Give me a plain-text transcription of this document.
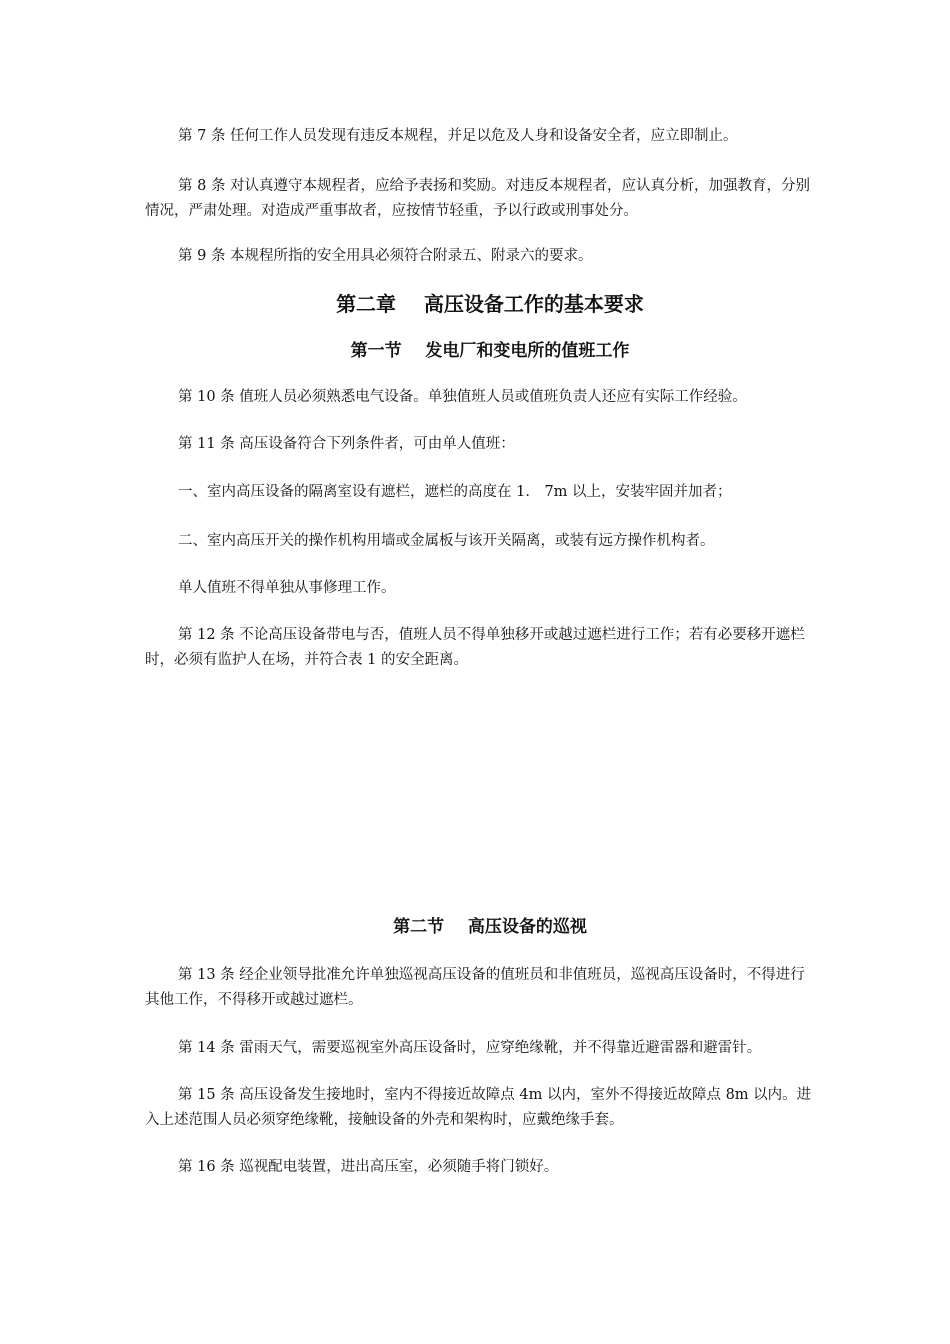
第 7 条 任何工作人员发现有违反本规程，并足以危及人身和设备安全者，应立即制止。

第 8 条 对认真遵守本规程者，应给予表扬和奖励。对违反本规程者，应认真分析，加强教育，分别情况，严肃处理。对造成严重事故者，应按情节轻重，予以行政或刑事处分。

第 9 条 本规程所指的安全用具必须符合附录五、附录六的要求。

第二章    高压设备工作的基本要求
第一节    发电厂和变电所的值班工作

第 10 条 值班人员必须熟悉电气设备。单独值班人员或值班负责人还应有实际工作经验。

第 11 条 高压设备符合下列条件者，可由单人值班：

一、室内高压设备的隔离室设有遮栏，遮栏的高度在 1． 7m 以上，安装牢固并加者；

二、室内高压开关的操作机构用墙或金属板与该开关隔离，或装有远方操作机构者。

单人值班不得单独从事修理工作。

第 12 条 不论高压设备带电与否，值班人员不得单独移开或越过遮栏进行工作；若有必要移开遮栏时，必须有监护人在场，并符合表 1 的安全距离。

第二节    高压设备的巡视

第 13 条 经企业领导批准允许单独巡视高压设备的值班员和非值班员，巡视高压设备时，不得进行其他工作，不得移开或越过遮栏。

第 14 条 雷雨天气，需要巡视室外高压设备时，应穿绝缘靴，并不得靠近避雷器和避雷针。

第 15 条 高压设备发生接地时，室内不得接近故障点 4m 以内，室外不得接近故障点 8m 以内。进入上述范围人员必须穿绝缘靴，接触设备的外壳和架构时，应戴绝缘手套。

第 16 条 巡视配电装置，进出高压室，必须随手将门锁好。
